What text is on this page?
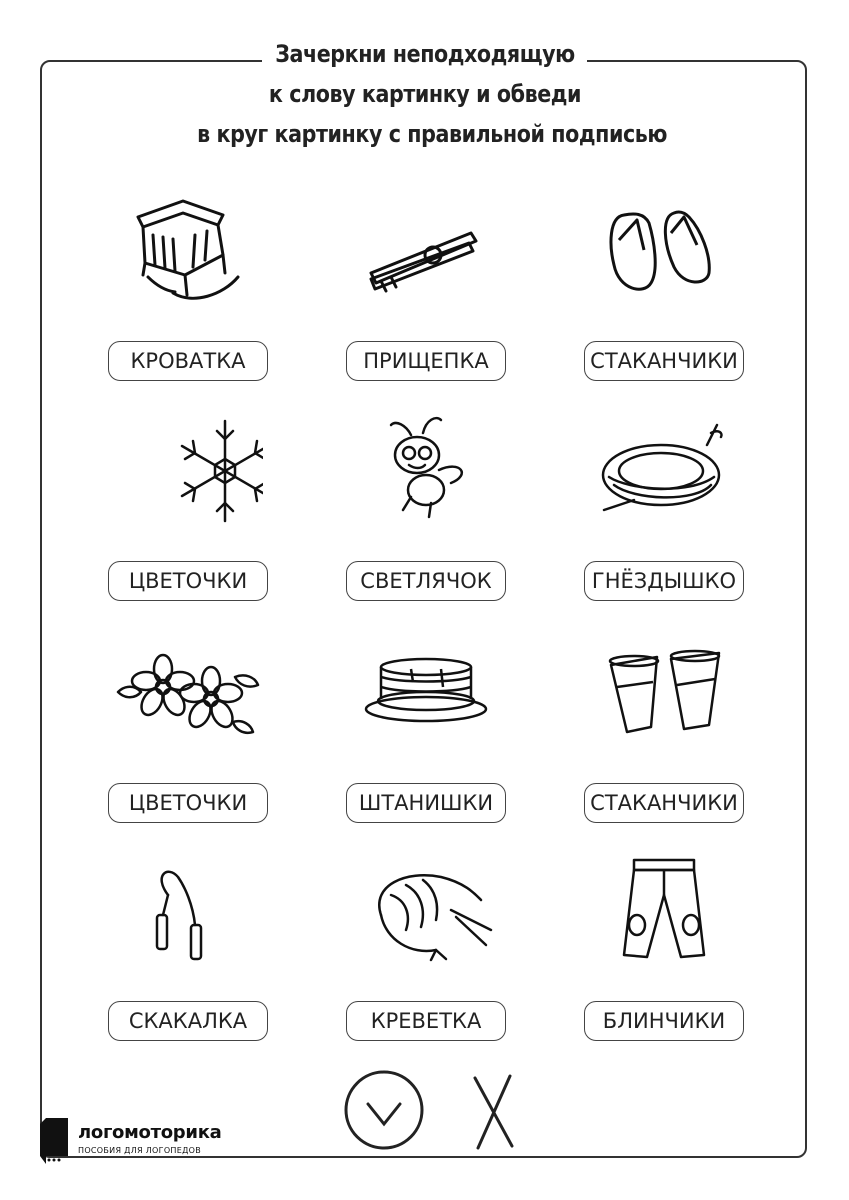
Зачеркни неподходящую
к слову картинку и обведи
в круг картинку с правильной подписью
КРОВАТКА	ПРИЩЕПКА	СТАКАНЧИКИ
ЦВЕТОЧКИ	СВЕТЛЯЧОК	ГНЁЗДЫШКО
ЦВЕТОЧКИ	ШТАНИШКИ	СТАКАНЧИКИ
СКАКАЛКА	КРЕВЕТКА	БЛИНЧИКИ
логомоторика
ПОСОБИЯ ДЛЯ ЛОГОПЕДОВ
